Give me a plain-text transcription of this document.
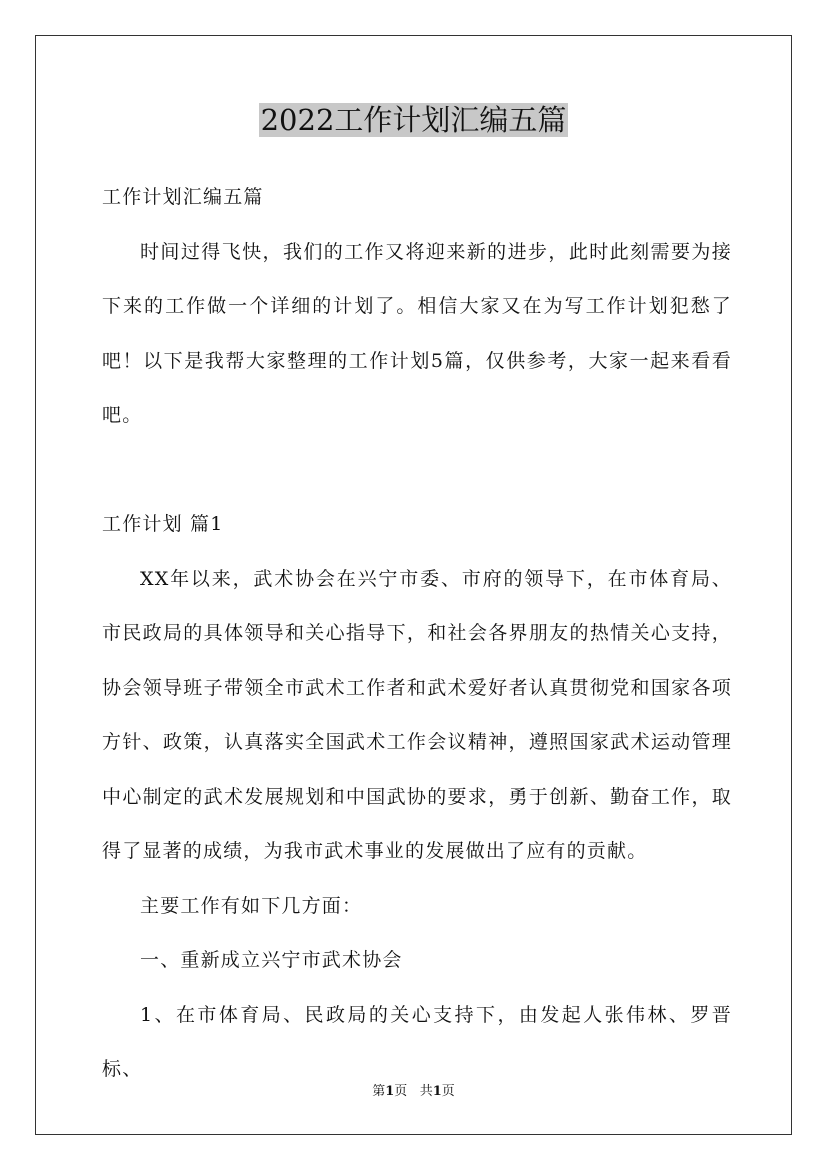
2022工作计划汇编五篇

工作计划汇编五篇

时间过得飞快，我们的工作又将迎来新的进步，此时此刻需要为接下来的工作做一个详细的计划了。相信大家又在为写工作计划犯愁了吧！以下是我帮大家整理的工作计划5篇，仅供参考，大家一起来看看吧。

工作计划 篇1

XX年以来，武术协会在兴宁市委、市府的领导下，在市体育局、市民政局的具体领导和关心指导下，和社会各界朋友的热情关心支持，协会领导班子带领全市武术工作者和武术爱好者认真贯彻党和国家各项方针、政策，认真落实全国武术工作会议精神，遵照国家武术运动管理中心制定的武术发展规划和中国武协的要求，勇于创新、勤奋工作，取得了显著的成绩，为我市武术事业的发展做出了应有的贡献。

主要工作有如下几方面：

一、重新成立兴宁市武术协会

1、在市体育局、民政局的关心支持下，由发起人张伟林、罗晋标、

第1页 共1页
